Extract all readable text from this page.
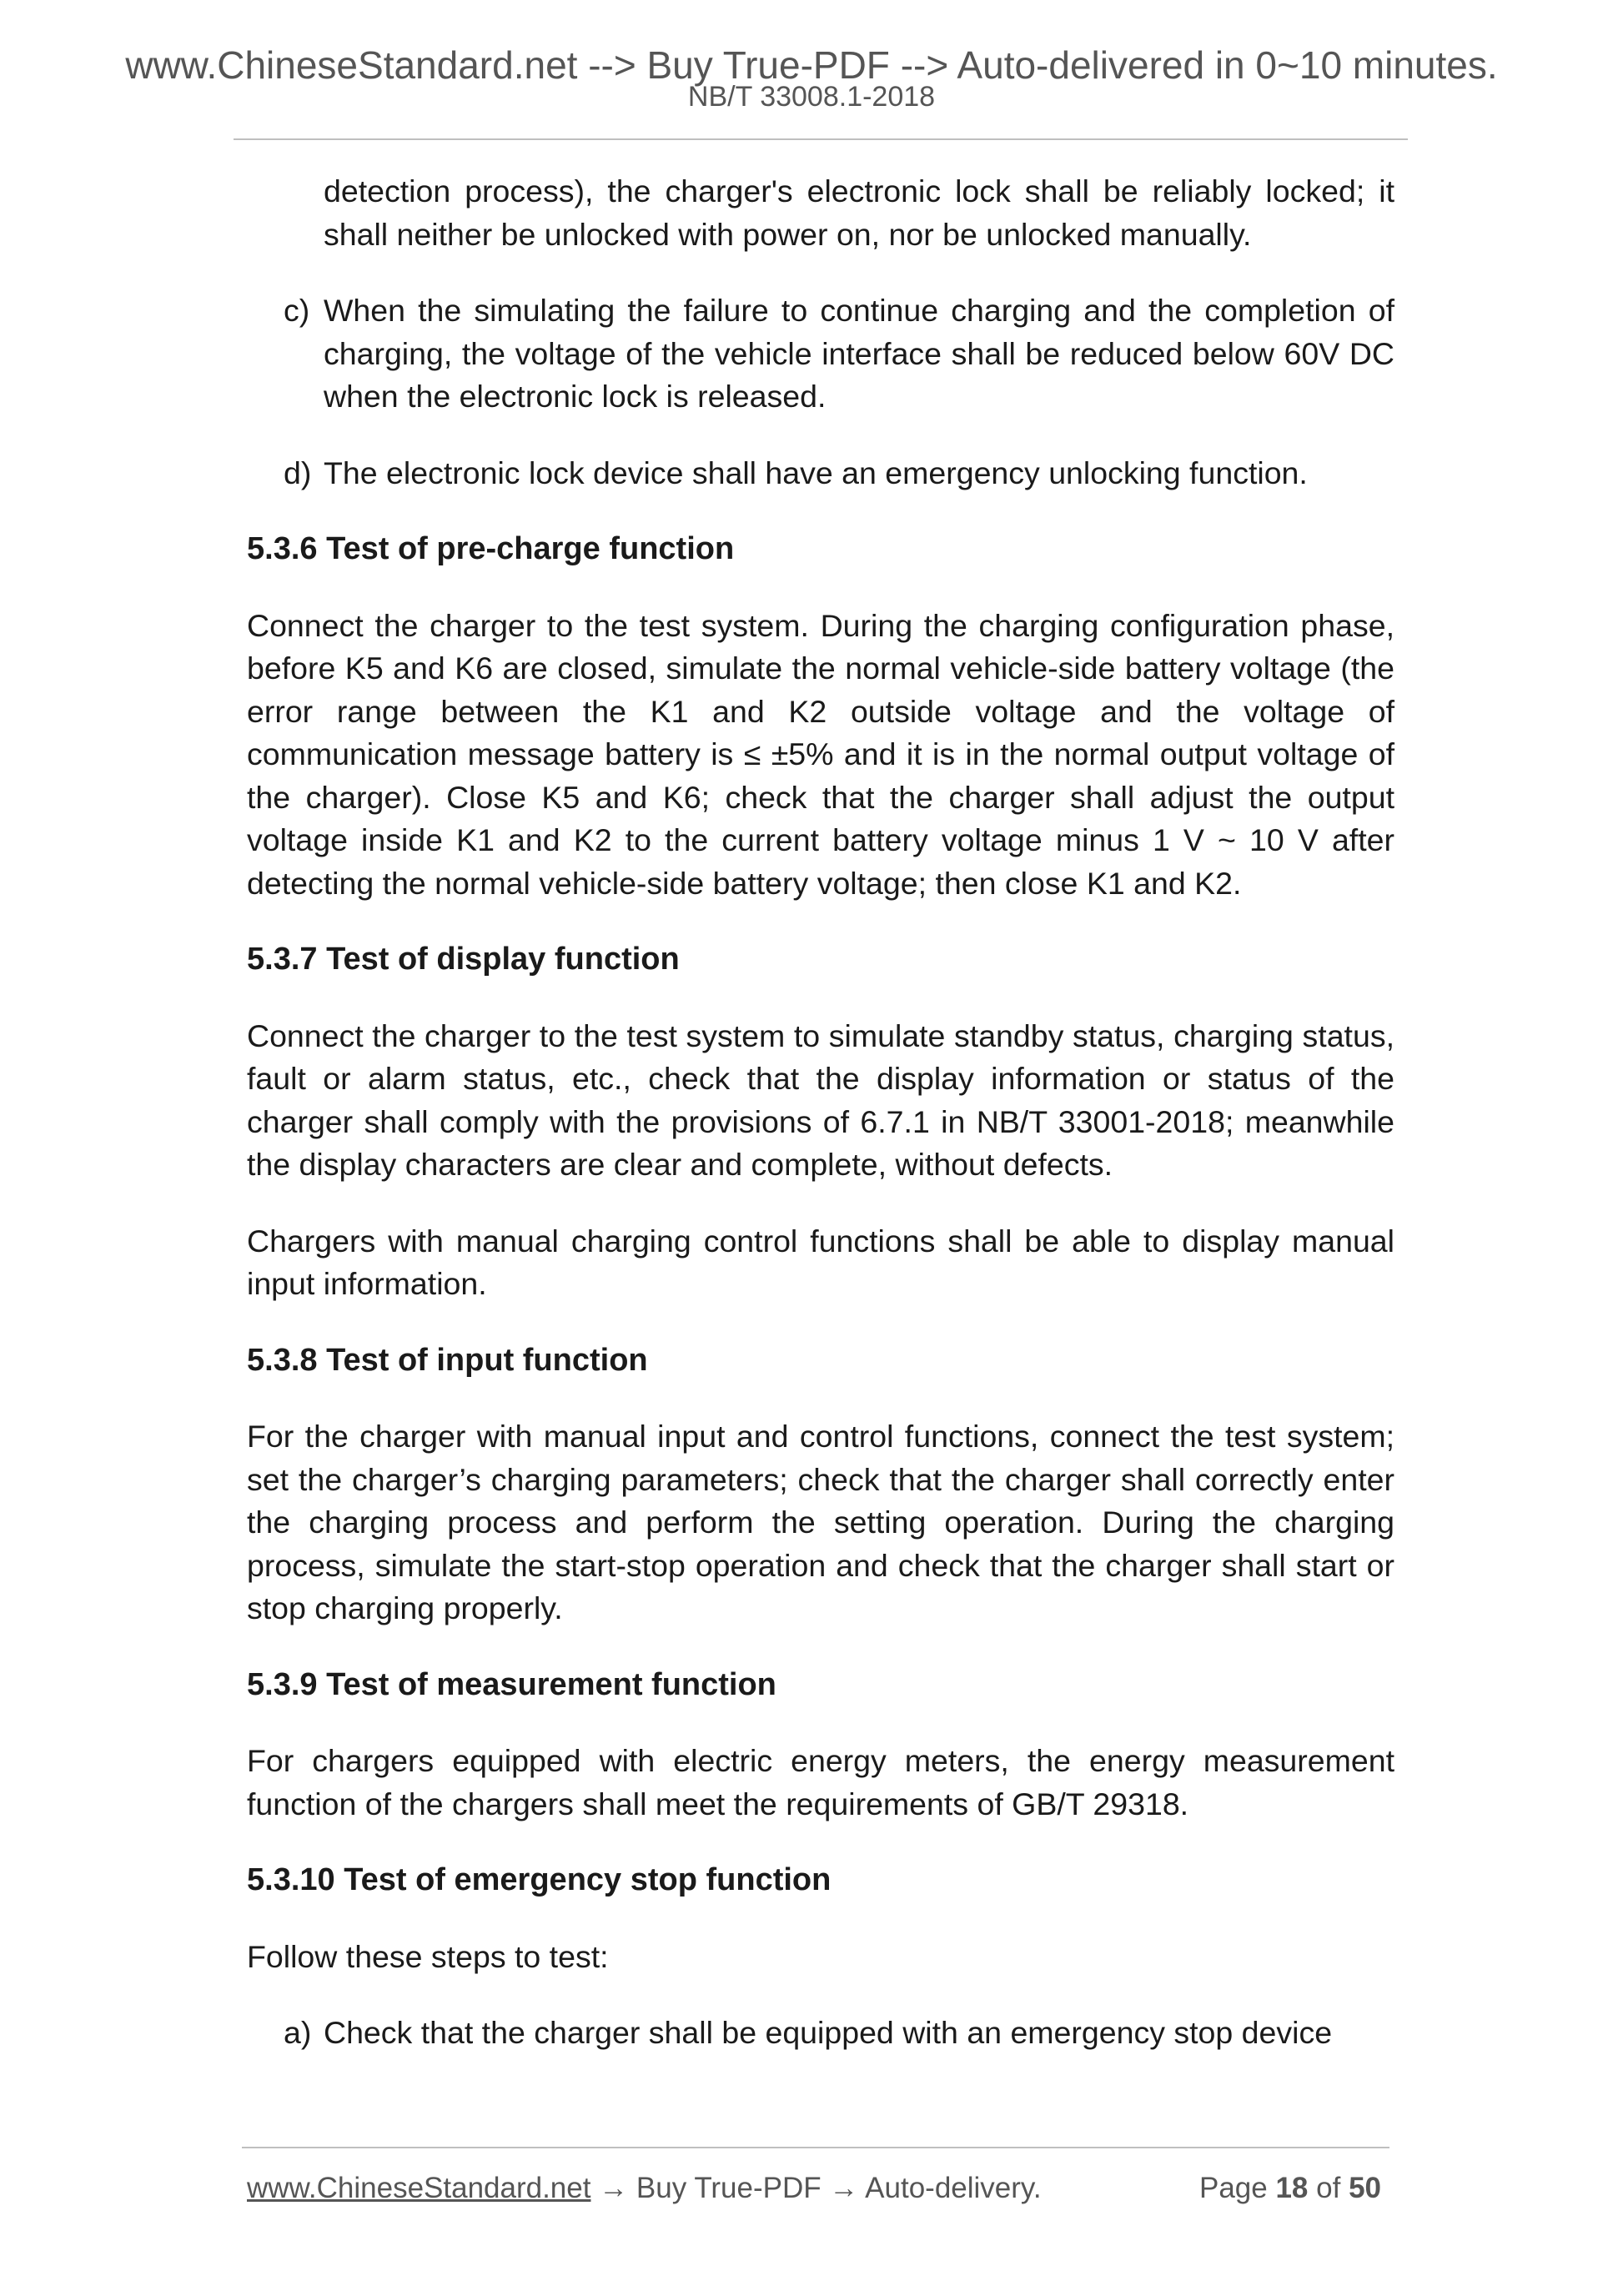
www.ChineseStandard.net --> Buy True-PDF --> Auto-delivered in 0~10 minutes.
NB/T 33008.1-2018

detection process), the charger's electronic lock shall be reliably locked; it shall neither be unlocked with power on, nor be unlocked manually.

c) When the simulating the failure to continue charging and the completion of charging, the voltage of the vehicle interface shall be reduced below 60V DC when the electronic lock is released.
d) The electronic lock device shall have an emergency unlocking function.
5.3.6 Test of pre-charge function

Connect the charger to the test system. During the charging configuration phase, before K5 and K6 are closed, simulate the normal vehicle-side battery voltage (the error range between the K1 and K2 outside voltage and the voltage of communication message battery is ≤ ±5% and it is in the normal output voltage of the charger). Close K5 and K6; check that the charger shall adjust the output voltage inside K1 and K2 to the current battery voltage minus 1 V ~ 10 V after detecting the normal vehicle-side battery voltage; then close K1 and K2.

5.3.7 Test of display function

Connect the charger to the test system to simulate standby status, charging status, fault or alarm status, etc., check that the display information or status of the charger shall comply with the provisions of 6.7.1 in NB/T 33001-2018; meanwhile the display characters are clear and complete, without defects.

Chargers with manual charging control functions shall be able to display manual input information.

5.3.8 Test of input function

For the charger with manual input and control functions, connect the test system; set the charger’s charging parameters; check that the charger shall correctly enter the charging process and perform the setting operation. During the charging process, simulate the start-stop operation and check that the charger shall start or stop charging properly.

5.3.9 Test of measurement function

For chargers equipped with electric energy meters, the energy measurement function of the chargers shall meet the requirements of GB/T 29318.

5.3.10 Test of emergency stop function

Follow these steps to test:

a) Check that the charger shall be equipped with an emergency stop device
www.ChineseStandard.net → Buy True-PDF → Auto-delivery.	Page 18 of 50
